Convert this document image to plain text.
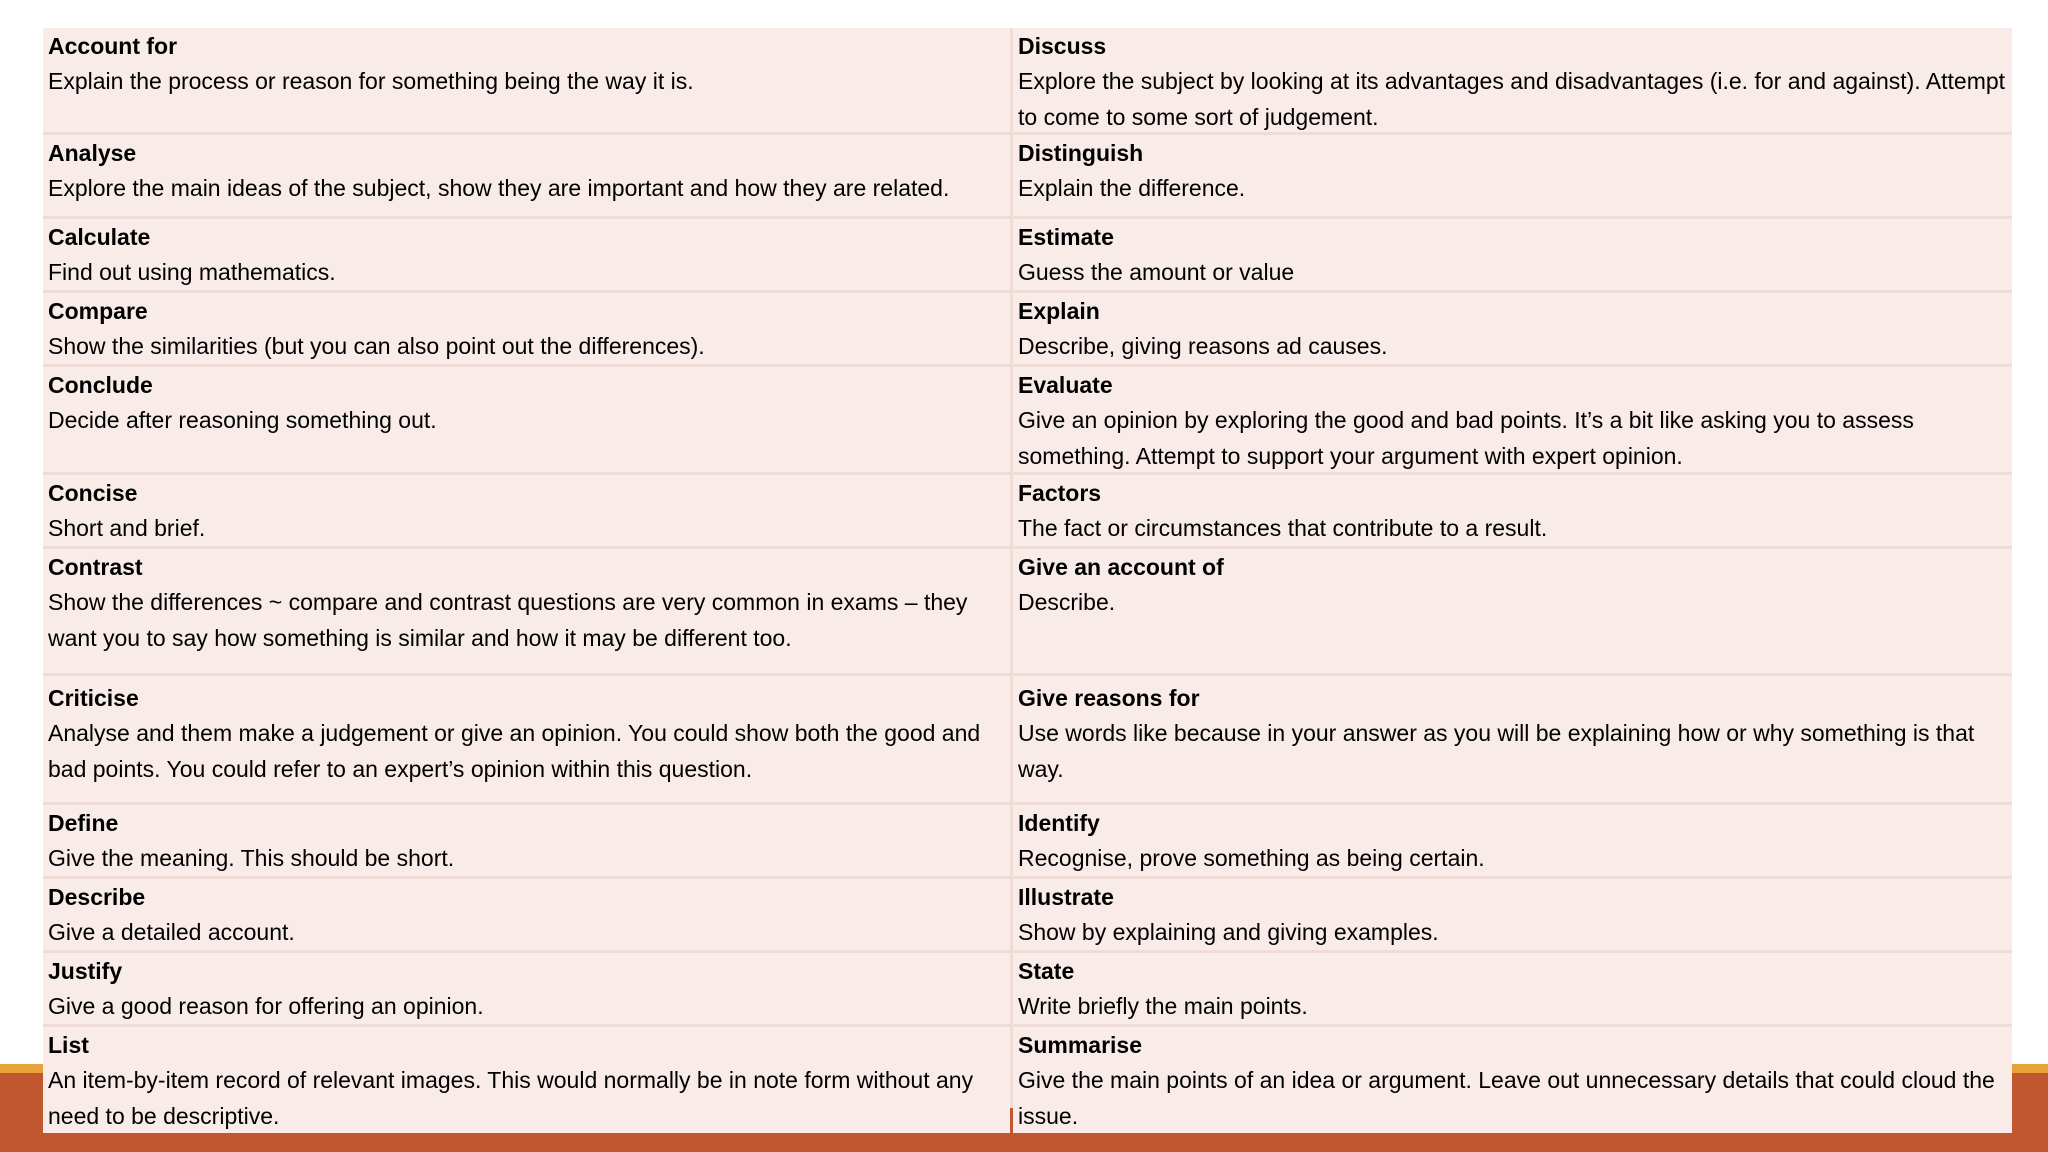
Account for
Explain the process or reason for something being the way it is.
Discuss
Explore the subject by looking at its advantages and disadvantages (i.e. for and against). Attempt to come to some sort of judgement.
Analyse
Explore the main ideas of the subject, show they are important and how they are related.
Distinguish
Explain the difference.
Calculate
Find out using mathematics.
Estimate
Guess the amount or value
Compare
Show the similarities (but you can also point out the differences).
Explain
Describe, giving reasons ad causes.
Conclude
Decide after reasoning something out.
Evaluate
Give an opinion by exploring the good and bad points. It’s a bit like asking you to assess something. Attempt to support your argument with expert opinion.
Concise
Short and brief.
Factors
The fact or circumstances that contribute to a result.
Contrast
Show the differences ~ compare and contrast questions are very common in exams – they want you to say how something is similar and how it may be different too.
Give an account of
Describe.
Criticise
Analyse and them make a judgement or give an opinion. You could show both the good and bad points. You could refer to an expert’s opinion within this question.
Give reasons for
Use words like because in your answer as you will be explaining how or why something is that way.
Define
Give the meaning. This should be short.
Identify
Recognise, prove something as being certain.
Describe
Give a detailed account.
Illustrate
Show by explaining and giving examples.
Justify
Give a good reason for offering an opinion.
State
Write briefly the main points.
List
An item-by-item record of relevant images. This would normally be in note form without any need to be descriptive.
Summarise
Give the main points of an idea or argument. Leave out unnecessary details that could cloud the issue.
